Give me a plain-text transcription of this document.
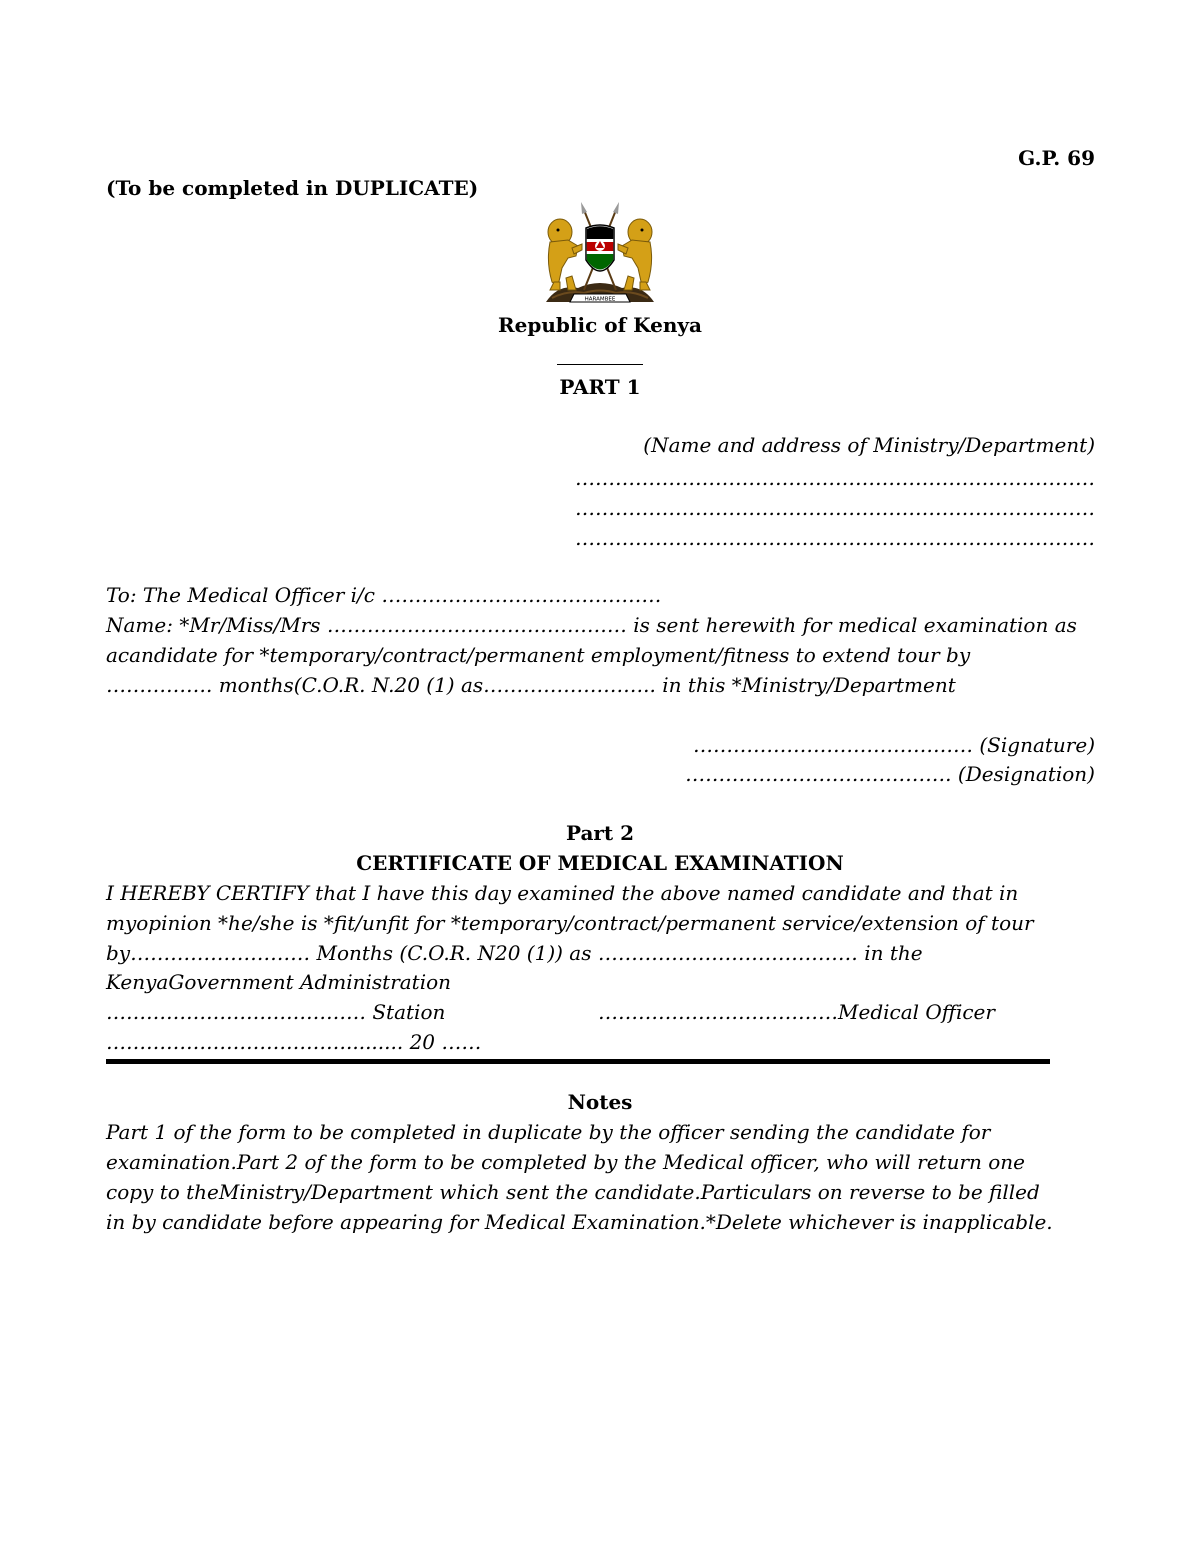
G.P. 69
(To be completed in DUPLICATE)
HARAMBEE
Republic of Kenya
PART 1
(Name and address of Ministry/Department)
……………………………………………………………………
……………………………………………………………………
……………………………………………………………………
To: The Medical Officer i/c ……………………………………
Name: *Mr/Miss/Mrs ……………………………………… is sent herewith for medical examination as
acandidate for *temporary/contract/permanent employment/fitness to extend tour by
……………. months(C.O.R. N.20 (1) as…………………….. in this *Ministry/Department
…………………………………… (Signature)
…………………………………. (Designation)
Part 2
CERTIFICATE OF MEDICAL EXAMINATION
I HEREBY CERTIFY that I have this day examined the above named candidate and that in
myopinion *he/she is *fit/unfit for *temporary/contract/permanent service/extension of tour
by……………………… Months (C.O.R. N20 (1)) as ………………………………… in the
KenyaGovernment Administration
………………………………… Station	………………………………Medical Officer
………………………………......... 20 ……
Notes
Part 1 of the form to be completed in duplicate by the officer sending the candidate for
examination.Part 2 of the form to be completed by the Medical officer, who will return one
copy to theMinistry/Department which sent the candidate.Particulars on reverse to be filled
in by candidate before appearing for Medical Examination.*Delete whichever is inapplicable.
